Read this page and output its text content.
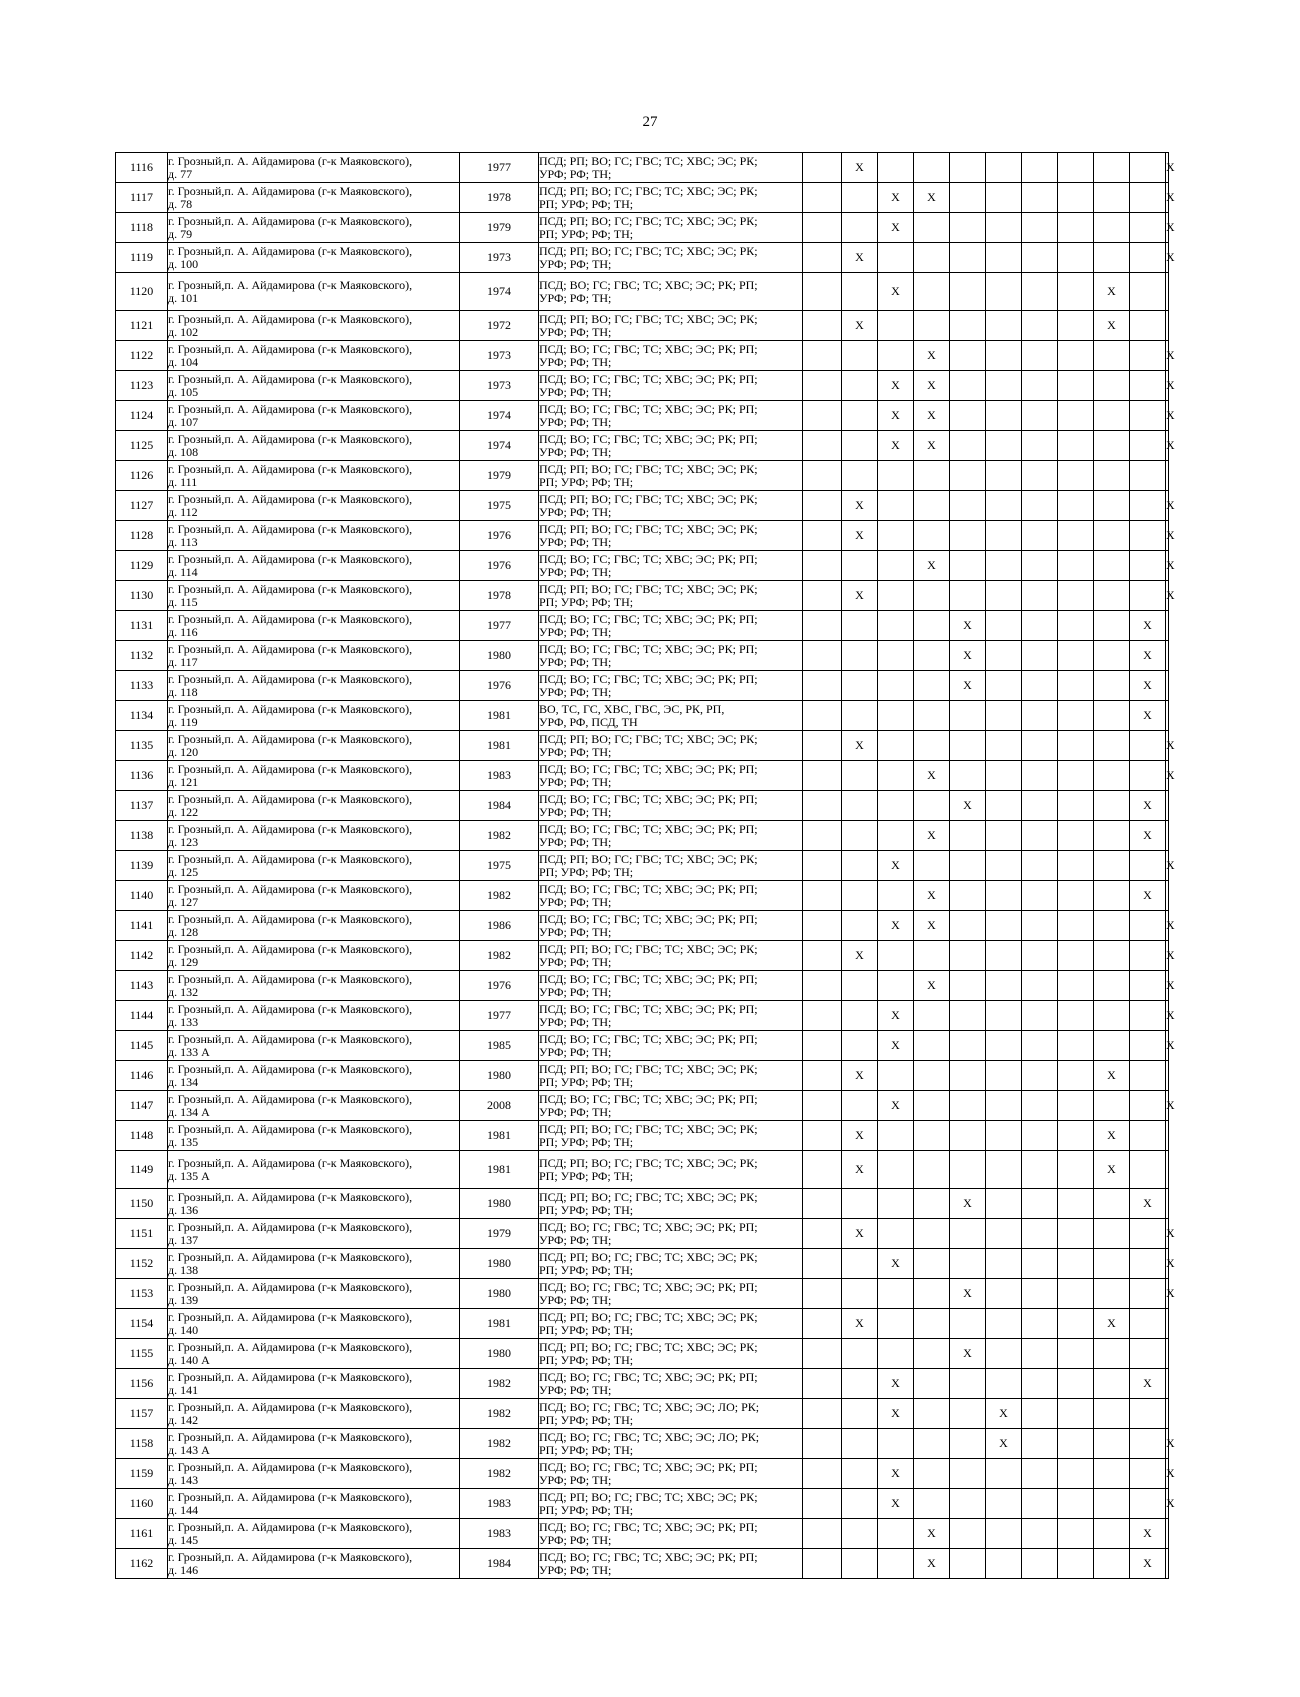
27
1116	г. Грозный,п. А. Айдамирова (г-к Маяковского),
д. 77	1977	ПСД; РП; ВО; ГС; ГВС; ТС; ХВС; ЭС; РК;
УРФ; РФ; ТН;		X									X
1117	г. Грозный,п. А. Айдамирова (г-к Маяковского),
д. 78	1978	ПСД; РП; ВО; ГС; ГВС; ТС; ХВС; ЭС; РК;
РП; УРФ; РФ; ТН;			X	X							X
1118	г. Грозный,п. А. Айдамирова (г-к Маяковского),
д. 79	1979	ПСД; РП; ВО; ГС; ГВС; ТС; ХВС; ЭС; РК;
РП; УРФ; РФ; ТН;			X								X
1119	г. Грозный,п. А. Айдамирова (г-к Маяковского),
д. 100	1973	ПСД; РП; ВО; ГС; ГВС; ТС; ХВС; ЭС; РК;
УРФ; РФ; ТН;		X									X
1120	г. Грозный,п. А. Айдамирова (г-к Маяковского),
д. 101	1974	ПСД; ВО; ГС; ГВС; ТС; ХВС; ЭС; РК; РП;
УРФ; РФ; ТН;			X						X		
1121	г. Грозный,п. А. Айдамирова (г-к Маяковского),
д. 102	1972	ПСД; РП; ВО; ГС; ГВС; ТС; ХВС; ЭС; РК;
УРФ; РФ; ТН;		X							X		
1122	г. Грозный,п. А. Айдамирова (г-к Маяковского),
д. 104	1973	ПСД; ВО; ГС; ГВС; ТС; ХВС; ЭС; РК; РП;
УРФ; РФ; ТН;				X							X
1123	г. Грозный,п. А. Айдамирова (г-к Маяковского),
д. 105	1973	ПСД; ВО; ГС; ГВС; ТС; ХВС; ЭС; РК; РП;
УРФ; РФ; ТН;			X	X							X
1124	г. Грозный,п. А. Айдамирова (г-к Маяковского),
д. 107	1974	ПСД; ВО; ГС; ГВС; ТС; ХВС; ЭС; РК; РП;
УРФ; РФ; ТН;			X	X							X
1125	г. Грозный,п. А. Айдамирова (г-к Маяковского),
д. 108	1974	ПСД; ВО; ГС; ГВС; ТС; ХВС; ЭС; РК; РП;
УРФ; РФ; ТН;			X	X							X
1126	г. Грозный,п. А. Айдамирова (г-к Маяковского),
д. 111	1979	ПСД; РП; ВО; ГС; ГВС; ТС; ХВС; ЭС; РК;
РП; УРФ; РФ; ТН;											

1127	г. Грозный,п. А. Айдамирова (г-к Маяковского),
д. 112	1975	ПСД; РП; ВО; ГС; ГВС; ТС; ХВС; ЭС; РК;
УРФ; РФ; ТН;		X									X
1128	г. Грозный,п. А. Айдамирова (г-к Маяковского),
д. 113	1976	ПСД; РП; ВО; ГС; ГВС; ТС; ХВС; ЭС; РК;
УРФ; РФ; ТН;		X									X
1129	г. Грозный,п. А. Айдамирова (г-к Маяковского),
д. 114	1976	ПСД; ВО; ГС; ГВС; ТС; ХВС; ЭС; РК; РП;
УРФ; РФ; ТН;				X							X
1130	г. Грозный,п. А. Айдамирова (г-к Маяковского),
д. 115	1978	ПСД; РП; ВО; ГС; ГВС; ТС; ХВС; ЭС; РК;
РП; УРФ; РФ; ТН;		X									X
1131	г. Грозный,п. А. Айдамирова (г-к Маяковского),
д. 116	1977	ПСД; ВО; ГС; ГВС; ТС; ХВС; ЭС; РК; РП;
УРФ; РФ; ТН;					X					X	
1132	г. Грозный,п. А. Айдамирова (г-к Маяковского),
д. 117	1980	ПСД; ВО; ГС; ГВС; ТС; ХВС; ЭС; РК; РП;
УРФ; РФ; ТН;					X					X	
1133	г. Грозный,п. А. Айдамирова (г-к Маяковского),
д. 118	1976	ПСД; ВО; ГС; ГВС; ТС; ХВС; ЭС; РК; РП;
УРФ; РФ; ТН;					X					X	
1134	г. Грозный,п. А. Айдамирова (г-к Маяковского),
д. 119	1981	ВО, ТС, ГС, ХВС, ГВС, ЭС, РК, РП,
УРФ, РФ, ПСД, ТН										X	
1135	г. Грозный,п. А. Айдамирова (г-к Маяковского),
д. 120	1981	ПСД; РП; ВО; ГС; ГВС; ТС; ХВС; ЭС; РК;
УРФ; РФ; ТН;		X									X
1136	г. Грозный,п. А. Айдамирова (г-к Маяковского),
д. 121	1983	ПСД; ВО; ГС; ГВС; ТС; ХВС; ЭС; РК; РП;
УРФ; РФ; ТН;				X							X
1137	г. Грозный,п. А. Айдамирова (г-к Маяковского),
д. 122	1984	ПСД; ВО; ГС; ГВС; ТС; ХВС; ЭС; РК; РП;
УРФ; РФ; ТН;					X					X	
1138	г. Грозный,п. А. Айдамирова (г-к Маяковского),
д. 123	1982	ПСД; ВО; ГС; ГВС; ТС; ХВС; ЭС; РК; РП;
УРФ; РФ; ТН;				X						X	
1139	г. Грозный,п. А. Айдамирова (г-к Маяковского),
д. 125	1975	ПСД; РП; ВО; ГС; ГВС; ТС; ХВС; ЭС; РК;
РП; УРФ; РФ; ТН;			X								X
1140	г. Грозный,п. А. Айдамирова (г-к Маяковского),
д. 127	1982	ПСД; ВО; ГС; ГВС; ТС; ХВС; ЭС; РК; РП;
УРФ; РФ; ТН;				X						X	
1141	г. Грозный,п. А. Айдамирова (г-к Маяковского),
д. 128	1986	ПСД; ВО; ГС; ГВС; ТС; ХВС; ЭС; РК; РП;
УРФ; РФ; ТН;			X	X							X
1142	г. Грозный,п. А. Айдамирова (г-к Маяковского),
д. 129	1982	ПСД; РП; ВО; ГС; ГВС; ТС; ХВС; ЭС; РК;
УРФ; РФ; ТН;		X									X
1143	г. Грозный,п. А. Айдамирова (г-к Маяковского),
д. 132	1976	ПСД; ВО; ГС; ГВС; ТС; ХВС; ЭС; РК; РП;
УРФ; РФ; ТН;				X							X
1144	г. Грозный,п. А. Айдамирова (г-к Маяковского),
д. 133	1977	ПСД; ВО; ГС; ГВС; ТС; ХВС; ЭС; РК; РП;
УРФ; РФ; ТН;			X								X
1145	г. Грозный,п. А. Айдамирова (г-к Маяковского),
д. 133 А	1985	ПСД; ВО; ГС; ГВС; ТС; ХВС; ЭС; РК; РП;
УРФ; РФ; ТН;			X								X
1146	г. Грозный,п. А. Айдамирова (г-к Маяковского),
д. 134	1980	ПСД; РП; ВО; ГС; ГВС; ТС; ХВС; ЭС; РК;
РП; УРФ; РФ; ТН;		X							X		
1147	г. Грозный,п. А. Айдамирова (г-к Маяковского),
д. 134 А	2008	ПСД; ВО; ГС; ГВС; ТС; ХВС; ЭС; РК; РП;
УРФ; РФ; ТН;			X								X
1148	г. Грозный,п. А. Айдамирова (г-к Маяковского),
д. 135	1981	ПСД; РП; ВО; ГС; ГВС; ТС; ХВС; ЭС; РК;
РП; УРФ; РФ; ТН;		X							X		
1149	г. Грозный,п. А. Айдамирова (г-к Маяковского),
д. 135 А	1981	ПСД; РП; ВО; ГС; ГВС; ТС; ХВС; ЭС; РК;
РП; УРФ; РФ; ТН;		X							X		
1150	г. Грозный,п. А. Айдамирова (г-к Маяковского),
д. 136	1980	ПСД; РП; ВО; ГС; ГВС; ТС; ХВС; ЭС; РК;
РП; УРФ; РФ; ТН;					X					X	
1151	г. Грозный,п. А. Айдамирова (г-к Маяковского),
д. 137	1979	ПСД; ВО; ГС; ГВС; ТС; ХВС; ЭС; РК; РП;
УРФ; РФ; ТН;		X									X
1152	г. Грозный,п. А. Айдамирова (г-к Маяковского),
д. 138	1980	ПСД; РП; ВО; ГС; ГВС; ТС; ХВС; ЭС; РК;
РП; УРФ; РФ; ТН;			X								X
1153	г. Грозный,п. А. Айдамирова (г-к Маяковского),
д. 139	1980	ПСД; ВО; ГС; ГВС; ТС; ХВС; ЭС; РК; РП;
УРФ; РФ; ТН;					X						X
1154	г. Грозный,п. А. Айдамирова (г-к Маяковского),
д. 140	1981	ПСД; РП; ВО; ГС; ГВС; ТС; ХВС; ЭС; РК;
РП; УРФ; РФ; ТН;		X							X		
1155	г. Грозный,п. А. Айдамирова (г-к Маяковского),
д. 140 А	1980	ПСД; РП; ВО; ГС; ГВС; ТС; ХВС; ЭС; РК;
РП; УРФ; РФ; ТН;					X						
1156	г. Грозный,п. А. Айдамирова (г-к Маяковского),
д. 141	1982	ПСД; ВО; ГС; ГВС; ТС; ХВС; ЭС; РК; РП;
УРФ; РФ; ТН;			X							X	
1157	г. Грозный,п. А. Айдамирова (г-к Маяковского),
д. 142	1982	ПСД; ВО; ГС; ГВС; ТС; ХВС; ЭС; ЛО; РК;
РП; УРФ; РФ; ТН;			X			X					
1158	г. Грозный,п. А. Айдамирова (г-к Маяковского),
д. 143 А	1982	ПСД; ВО; ГС; ГВС; ТС; ХВС; ЭС; ЛО; РК;
РП; УРФ; РФ; ТН;						X					X
1159	г. Грозный,п. А. Айдамирова (г-к Маяковского),
д. 143	1982	ПСД; ВО; ГС; ГВС; ТС; ХВС; ЭС; РК; РП;
УРФ; РФ; ТН;			X								X
1160	г. Грозный,п. А. Айдамирова (г-к Маяковского),
д. 144	1983	ПСД; РП; ВО; ГС; ГВС; ТС; ХВС; ЭС; РК;
РП; УРФ; РФ; ТН;			X								X
1161	г. Грозный,п. А. Айдамирова (г-к Маяковского),
д. 145	1983	ПСД; ВО; ГС; ГВС; ТС; ХВС; ЭС; РК; РП;
УРФ; РФ; ТН;				X						X	
1162	г. Грозный,п. А. Айдамирова (г-к Маяковского),
д. 146	1984	ПСД; ВО; ГС; ГВС; ТС; ХВС; ЭС; РК; РП;
УРФ; РФ; ТН;				X						X	
